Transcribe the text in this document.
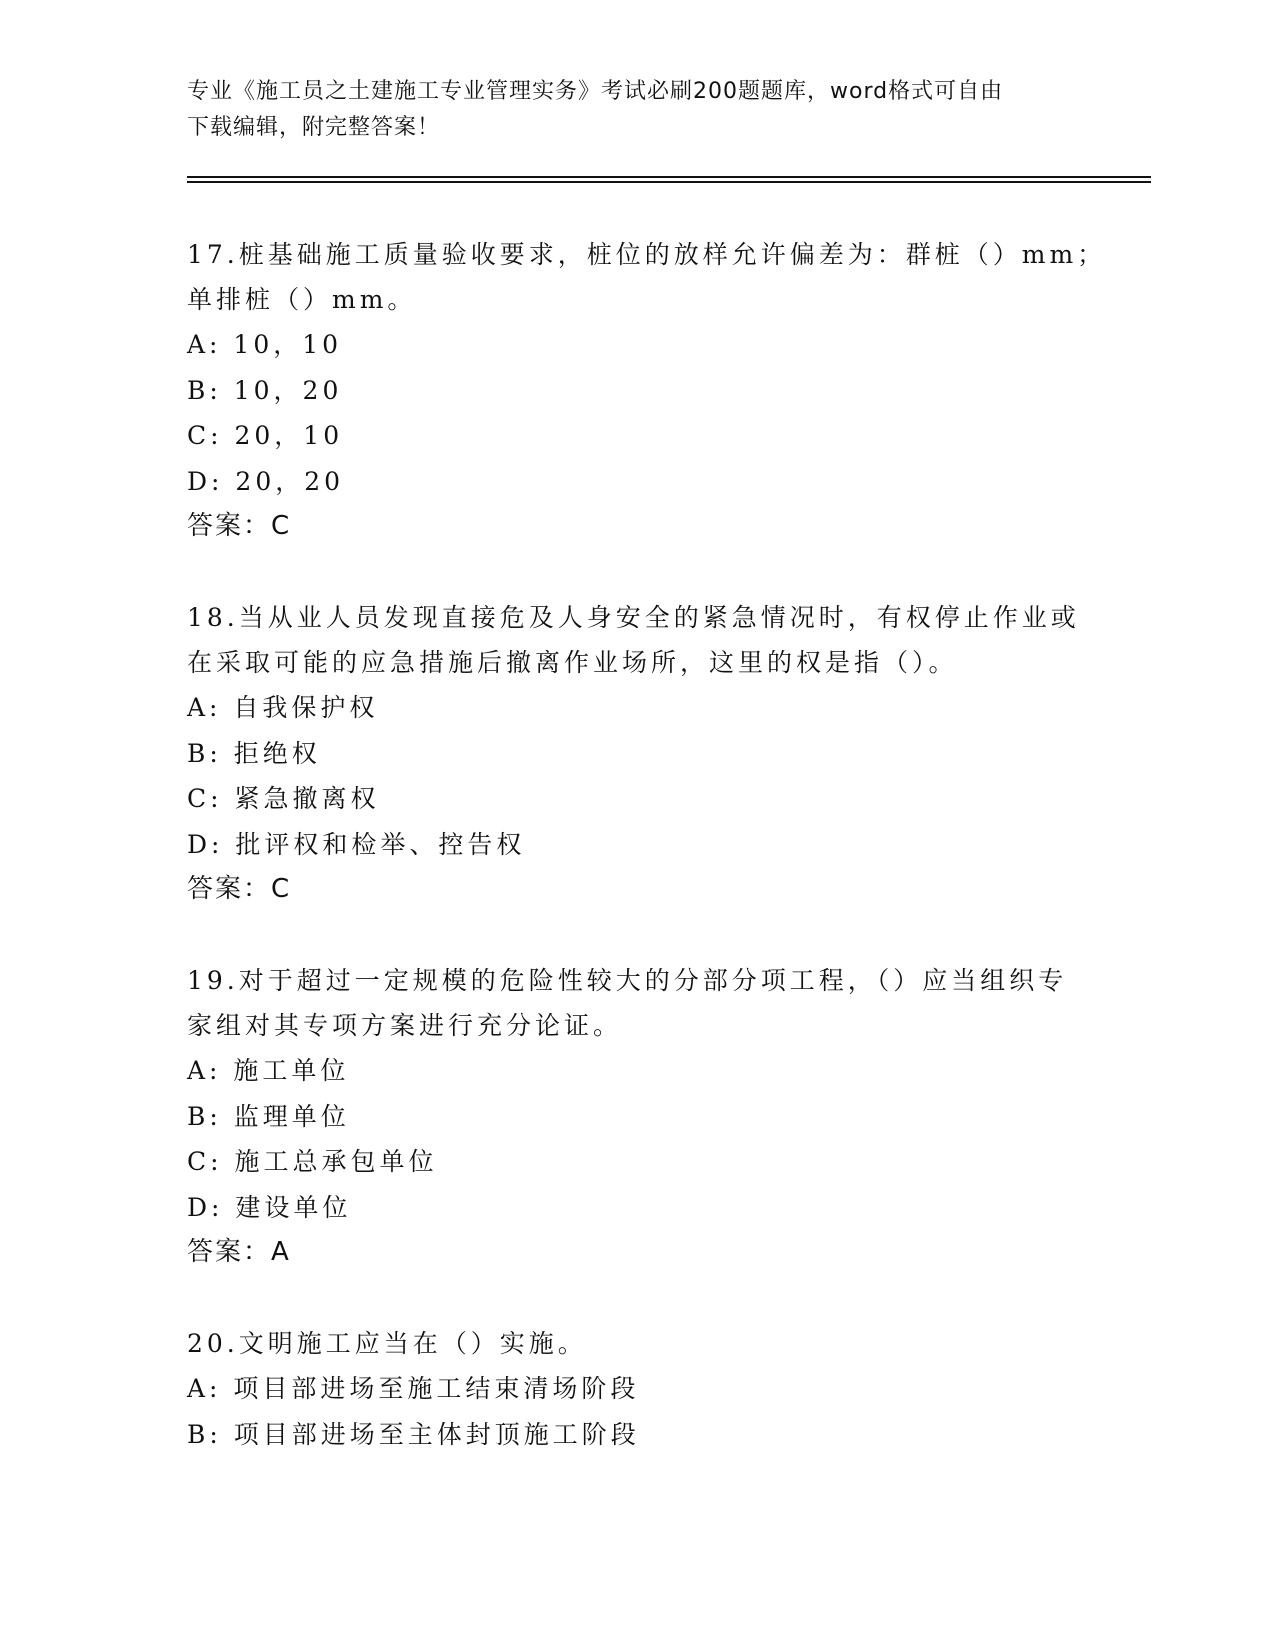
专业《施工员之土建施工专业管理实务》考试必刷200题题库，word格式可自由
下载编辑，附完整答案！
17.桩基础施工质量验收要求，桩位的放样允许偏差为：群桩（）mm；
单排桩（）mm。
A: 10，10
B: 10，20
C: 20，10
D: 20，20
答案：C
18.当从业人员发现直接危及人身安全的紧急情况时，有权停止作业或
在采取可能的应急措施后撤离作业场所，这里的权是指（）。
A: 自我保护权
B: 拒绝权
C: 紧急撤离权
D: 批评权和检举、控告权
答案：C
19.对于超过一定规模的危险性较大的分部分项工程，（）应当组织专
家组对其专项方案进行充分论证。
A: 施工单位
B: 监理单位
C: 施工总承包单位
D: 建设单位
答案：A
20.文明施工应当在（）实施。
A: 项目部进场至施工结束清场阶段
B: 项目部进场至主体封顶施工阶段
